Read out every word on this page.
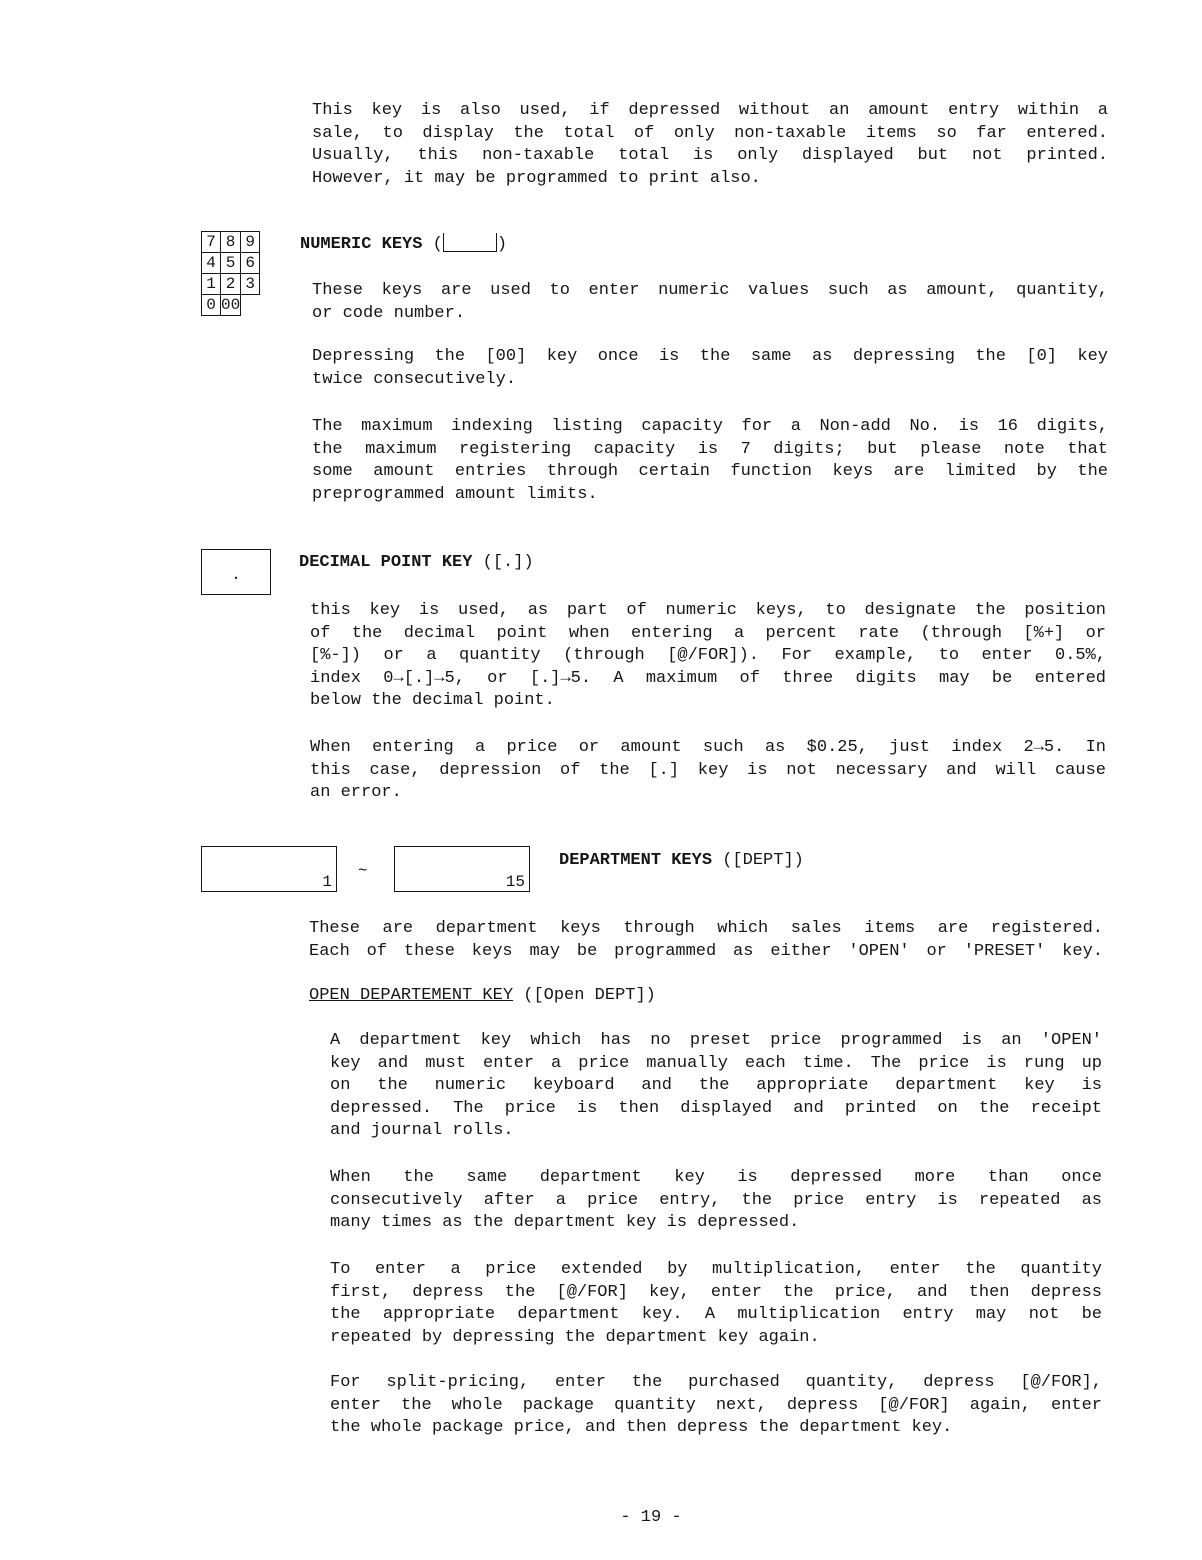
This key is also used, if depressed without an amount entry within a
sale, to display the total of only non-taxable items so far entered.
Usually, this non-taxable total is only displayed but not printed.
However, it may be programmed to print also.
7	8	9
4	5	6
1	2	3
0	00	
NUMERIC KEYS (	)
These keys are used to enter numeric values such as amount, quantity,
or code number.
Depressing the [00] key once is the same as depressing the [0] key
twice consecutively.
The maximum indexing listing capacity for a Non-add No. is 16 digits,
the maximum registering capacity is 7 digits; but please note that
some amount entries through certain function keys are limited by the
preprogrammed amount limits.
.
DECIMAL POINT KEY ([.])
this key is used, as part of numeric keys, to designate the position
of the decimal point when entering a percent rate (through [%+] or
[%-]) or a quantity (through [@/FOR]). For example, to enter 0.5%,
index 0→[.]→5, or [.]→5. A maximum of three digits may be entered
below the decimal point.
When entering a price or amount such as $0.25, just index 2→5. In
this case, depression of the [.] key is not necessary and will cause
an error.
1
~
15
DEPARTMENT KEYS ([DEPT])
These are department keys through which sales items are registered.
Each of these keys may be programmed as either 'OPEN' or 'PRESET' key.
OPEN DEPARTEMENT KEY ([Open DEPT])
A department key which has no preset price programmed is an 'OPEN'
key and must enter a price manually each time. The price is rung up
on the numeric keyboard and the appropriate department key is
depressed. The price is then displayed and printed on the receipt
and journal rolls.
When the same department key is depressed more than once
consecutively after a price entry, the price entry is repeated as
many times as the department key is depressed.
To enter a price extended by multiplication, enter the quantity
first, depress the [@/FOR] key, enter the price, and then depress
the appropriate department key. A multiplication entry may not be
repeated by depressing the department key again.
For split-pricing, enter the purchased quantity, depress [@/FOR],
enter the whole package quantity next, depress [@/FOR] again, enter
the whole package price, and then depress the department key.
- 19 -
